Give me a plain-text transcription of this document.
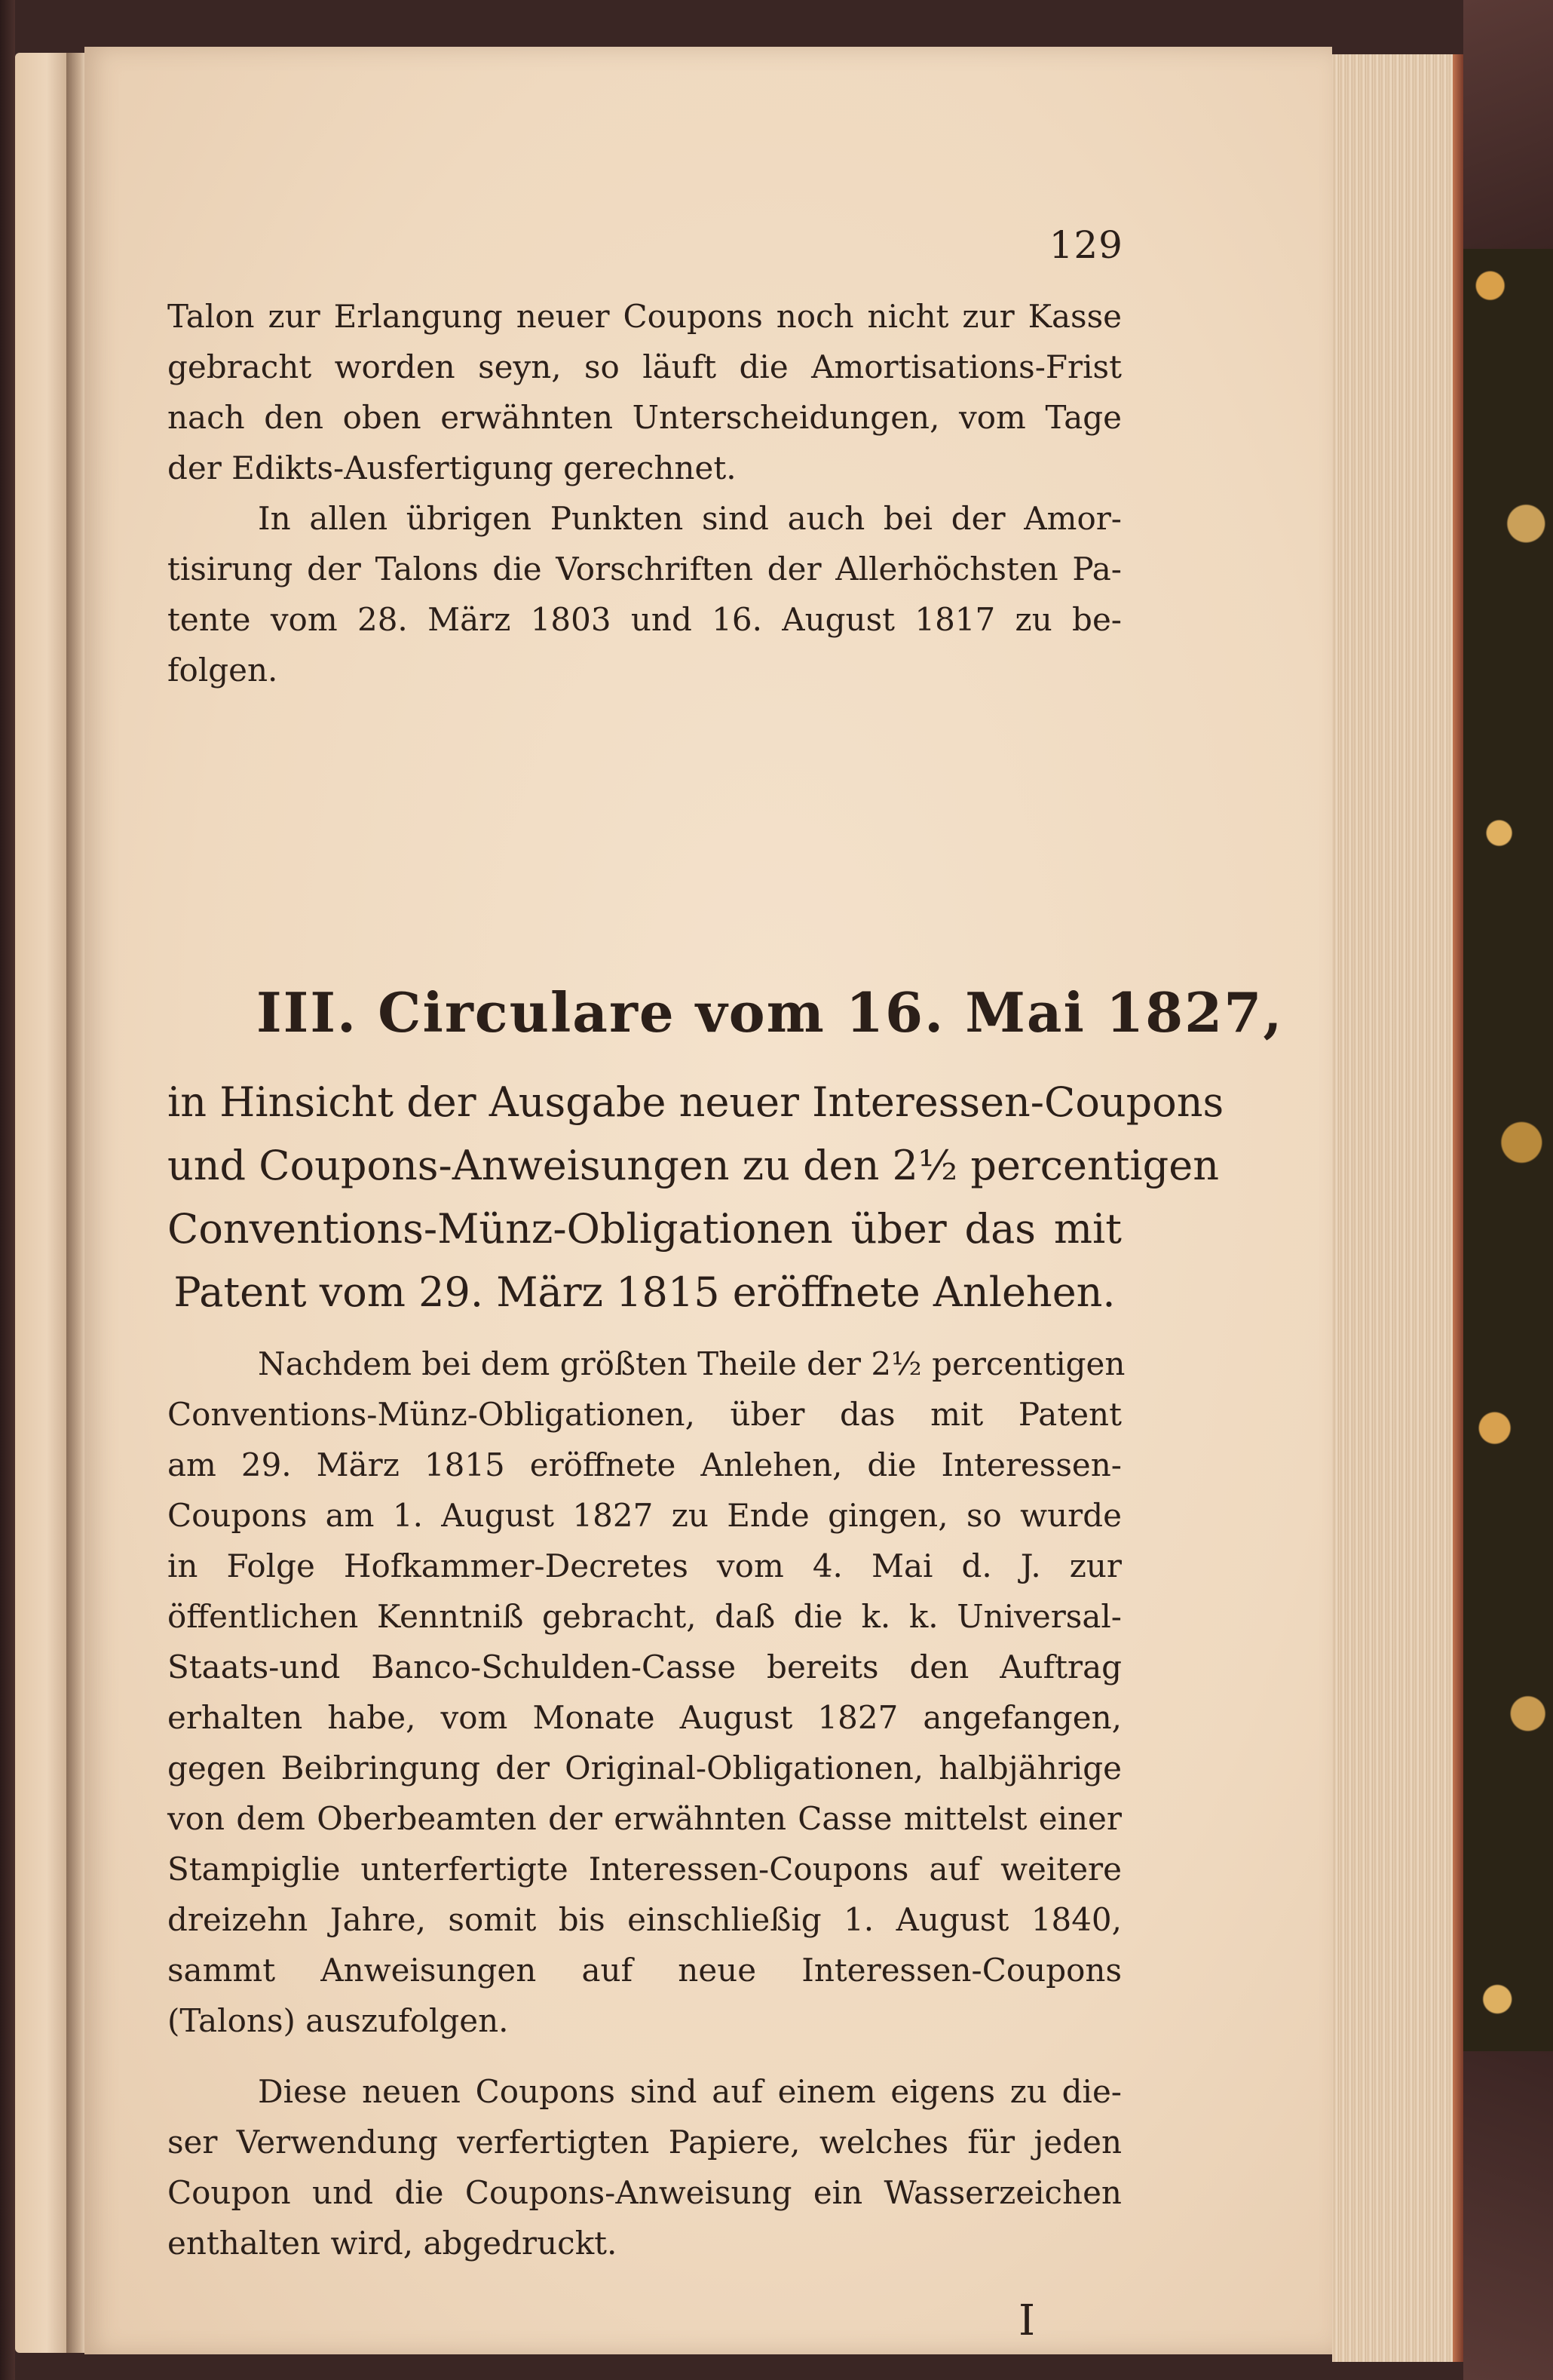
129
Talon zur Erlangung neuer Coupons noch nicht zur Kasse
gebracht worden seyn, so läuft die Amortisations-Frist
nach den oben erwähnten Unterscheidungen, vom Tage
der Edikts-Ausfertigung gerechnet.
In allen übrigen Punkten sind auch bei der Amor-
tisirung der Talons die Vorschriften der Allerhöchsten Pa-
tente vom 28. März 1803 und 16. August 1817 zu be-
folgen.
III. Circulare vom 16. Mai 1827,
in Hinsicht der Ausgabe neuer Interessen-Coupons
und Coupons-Anweisungen zu den 2½ percentigen
Conventions-Münz-Obligationen über das mit
Patent vom 29. März 1815 eröffnete Anlehen.
Nachdem bei dem größten Theile der 2½ percentigen
Conventions-Münz-Obligationen, über das mit Patent
am 29. März 1815 eröffnete Anlehen, die Interessen-
Coupons am 1. August 1827 zu Ende gingen, so wurde
in Folge Hofkammer-Decretes vom 4. Mai d. J. zur
öffentlichen Kenntniß gebracht, daß die k. k. Universal-
Staats-und Banco-Schulden-Casse bereits den Auftrag
erhalten habe, vom Monate August 1827 angefangen,
gegen Beibringung der Original-Obligationen, halbjährige
von dem Oberbeamten der erwähnten Casse mittelst einer
Stampiglie unterfertigte Interessen-Coupons auf weitere
dreizehn Jahre, somit bis einschließig 1. August 1840,
sammt Anweisungen auf neue Interessen-Coupons
(Talons) auszufolgen.
Diese neuen Coupons sind auf einem eigens zu die-
ser Verwendung verfertigten Papiere, welches für jeden
Coupon und die Coupons-Anweisung ein Wasserzeichen
enthalten wird, abgedruckt.
I
